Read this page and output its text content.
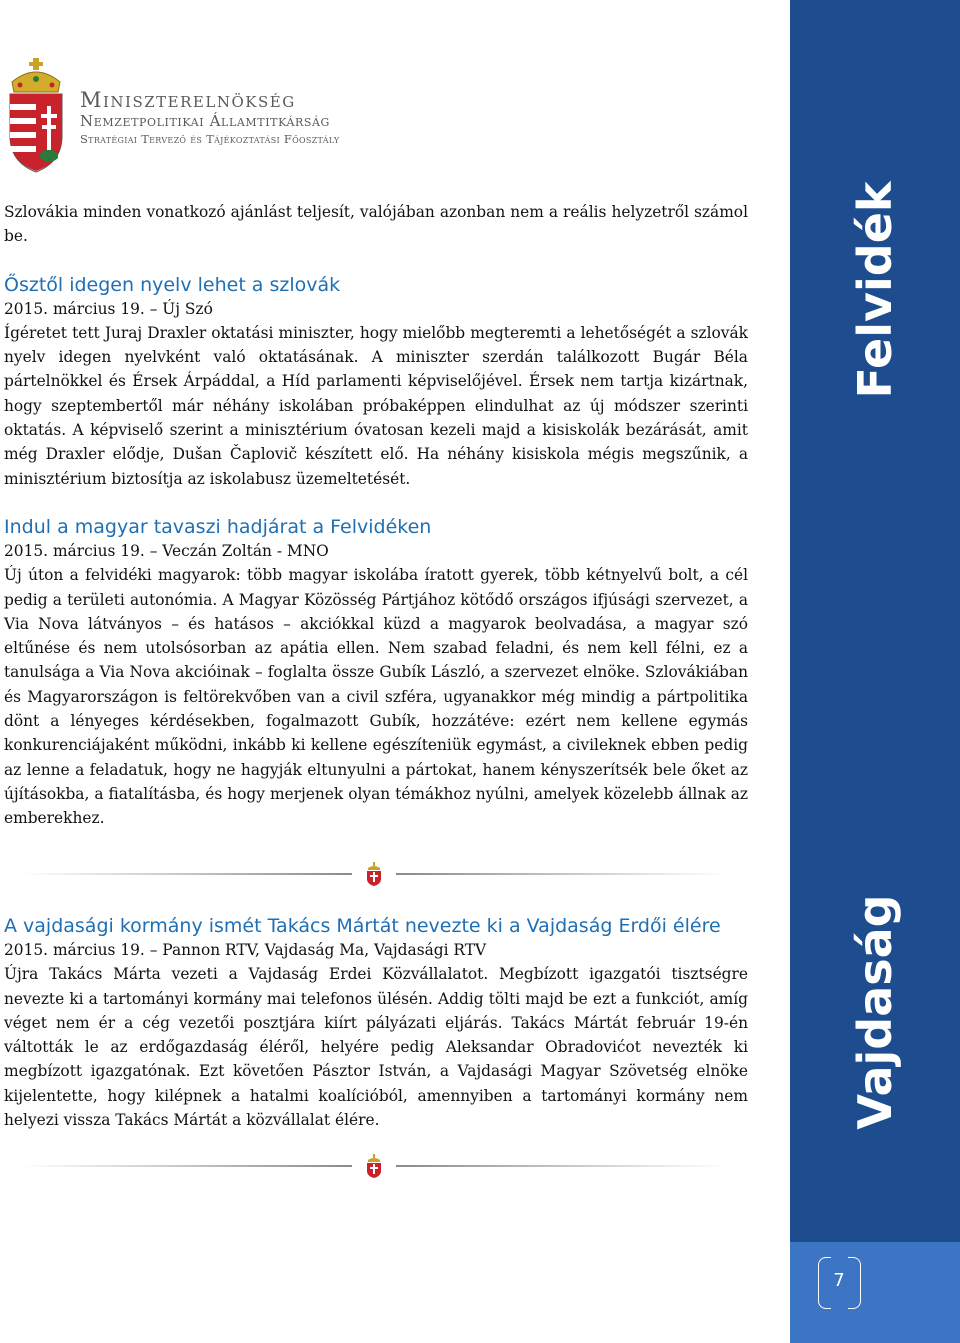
Miniszterelnökség
Nemzetpolitikai Államtitkárság
Stratégiai Tervező és Tájékoztatási Főosztály

Szlovákia minden vonatkozó ajánlást teljesít, valójában azonban nem a reális helyzetről számol be.

Ősztől idegen nyelv lehet a szlovák
2015. március 19. – Új Szó

Ígéretet tett Juraj Draxler oktatási miniszter, hogy mielőbb megteremti a lehetőségét a szlovák nyelv idegen nyelvként való oktatásának. A miniszter szerdán találkozott Bugár Béla pártelnökkel és Érsek Árpáddal, a Híd parlamenti képviselőjével. Érsek nem tartja kizártnak, hogy szeptembertől már néhány iskolában próbaképpen elindulhat az új módszer szerinti oktatás. A képviselő szerint a minisztérium óvatosan kezeli majd a kisiskolák bezárását, amit még Draxler elődje, Dušan Čaplovič készített elő. Ha néhány kisiskola mégis megszűnik, a minisztérium biztosítja az iskolabusz üzemeltetését.

Indul a magyar tavaszi hadjárat a Felvidéken
2015. március 19. – Veczán Zoltán - MNO

Új úton a felvidéki magyarok: több magyar iskolába íratott gyerek, több kétnyelvű bolt, a cél pedig a területi autonómia. A Magyar Közösség Pártjához kötődő országos ifjúsági szervezet, a Via Nova látványos – és hatásos – akciókkal küzd a magyarok beolvadása, a magyar szó eltűnése és nem utolsósorban az apátia ellen. Nem szabad feladni, és nem kell félni, ez a tanulsága a Via Nova akcióinak – foglalta össze Gubík László, a szervezet elnöke. Szlovákiában és Magyarországon is feltörekvőben van a civil szféra, ugyanakkor még mindig a pártpolitika dönt a lényeges kérdésekben, fogalmazott Gubík, hozzátéve: ezért nem kellene egymás konkurenciájaként működni, inkább ki kellene egészíteniük egymást, a civileknek ebben pedig az lenne a feladatuk, hogy ne hagyják eltunyulni a pártokat, hanem kényszerítsék bele őket az újításokba, a fiatalításba, és hogy merjenek olyan témákhoz nyúlni, amelyek közelebb állnak az emberekhez.

A vajdasági kormány ismét Takács Mártát nevezte ki a Vajdaság Erdői élére
2015. március 19. – Pannon RTV, Vajdaság Ma, Vajdasági RTV

Újra Takács Márta vezeti a Vajdaság Erdei Közvállalatot. Megbízott igazgatói tisztségre nevezte ki a tartományi kormány mai telefonos ülésén. Addig tölti majd be ezt a funkciót, amíg véget nem ér a cég vezetői posztjára kiírt pályázati eljárás. Takács Mártát február 19-én váltották le az erdőgazdaság éléről, helyére pedig Aleksandar Obradovićot nevezték ki megbízott igazgatónak. Ezt követően Pásztor István, a Vajdasági Magyar Szövetség elnöke kijelentette, hogy kilépnek a hatalmi koalícióból, amennyiben a tartományi kormány nem helyezi vissza Takács Mártát a közvállalat élére.

Felvidék
Vajdaság
7
